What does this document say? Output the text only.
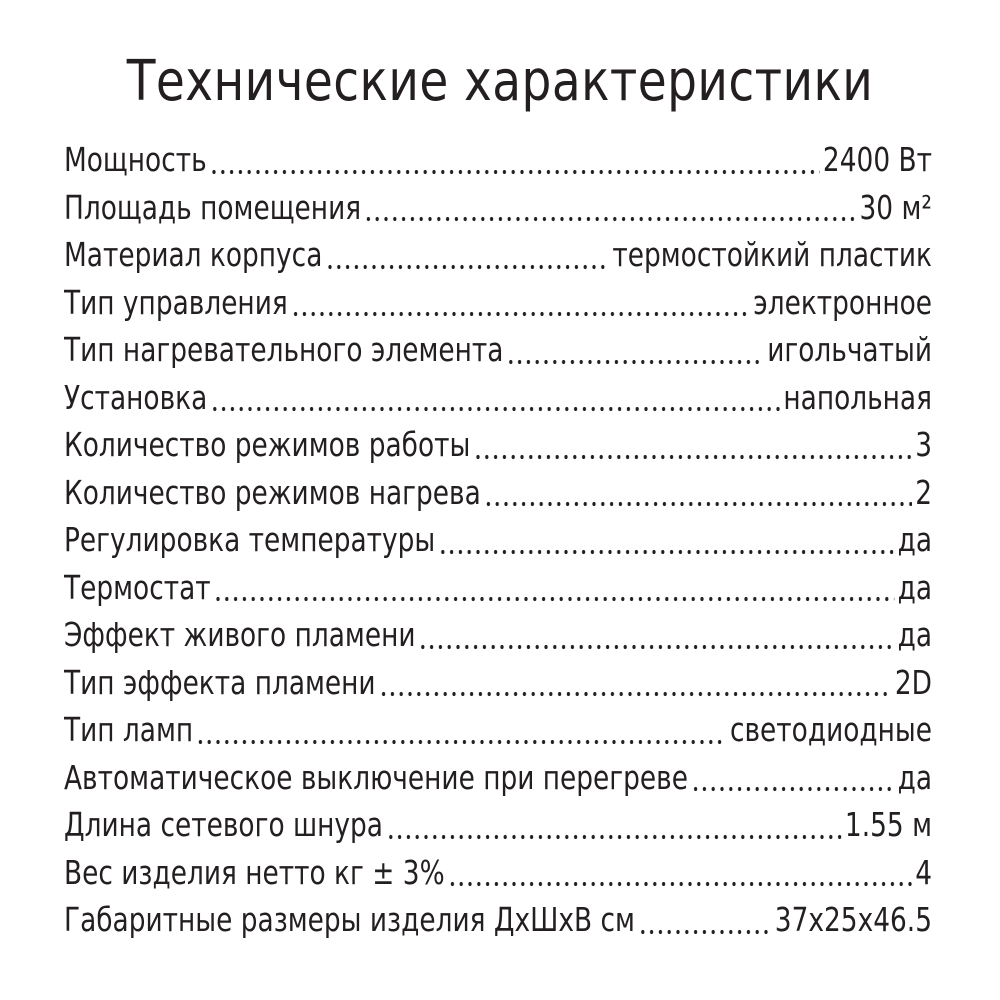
Технические характеристики
Мощность	2400 Вт
Площадь помещения	30 м²
Материал корпуса	термостойкий пластик
Тип управления	электронное
Тип нагревательного элемента	игольчатый
Установка	напольная
Количество режимов работы	3
Количество режимов нагрева	2
Регулировка температуры	да
Термостат	да
Эффект живого пламени	да
Тип эффекта пламени	2D
Тип ламп	светодиодные
Автоматическое выключение при перегреве	да
Длина сетевого шнура	1.55 м
Вес изделия нетто кг ± 3%	4
Габаритные размеры изделия ДхШхВ см	37x25x46.5
